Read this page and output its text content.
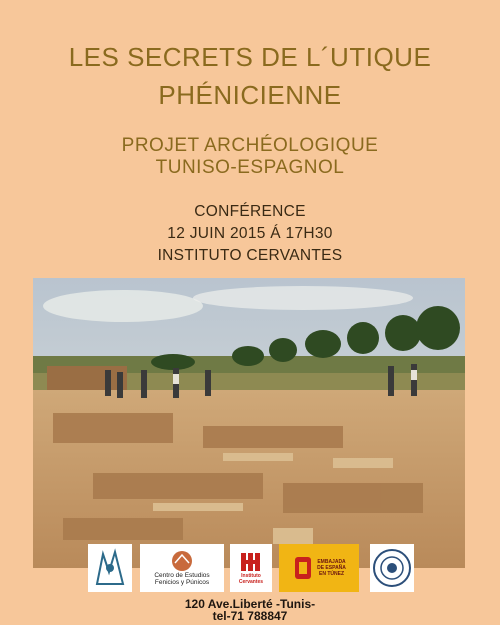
LES SECRETS DE L´UTIQUE
PHÉNICIENNE
PROJET ARCHÉOLOGIQUE
TUNISO-ESPAGNOL
CONFÉRENCE
12 JUIN 2015 Á 17H30
INSTITUTO CERVANTES
Centro de Estudios
Fenicios y Púnicos
Instituto
Cervantes
EMBAJADA
DE ESPAÑA
EN TÚNEZ
120 Ave.Liberté -Tunis-
tel-71 788847
